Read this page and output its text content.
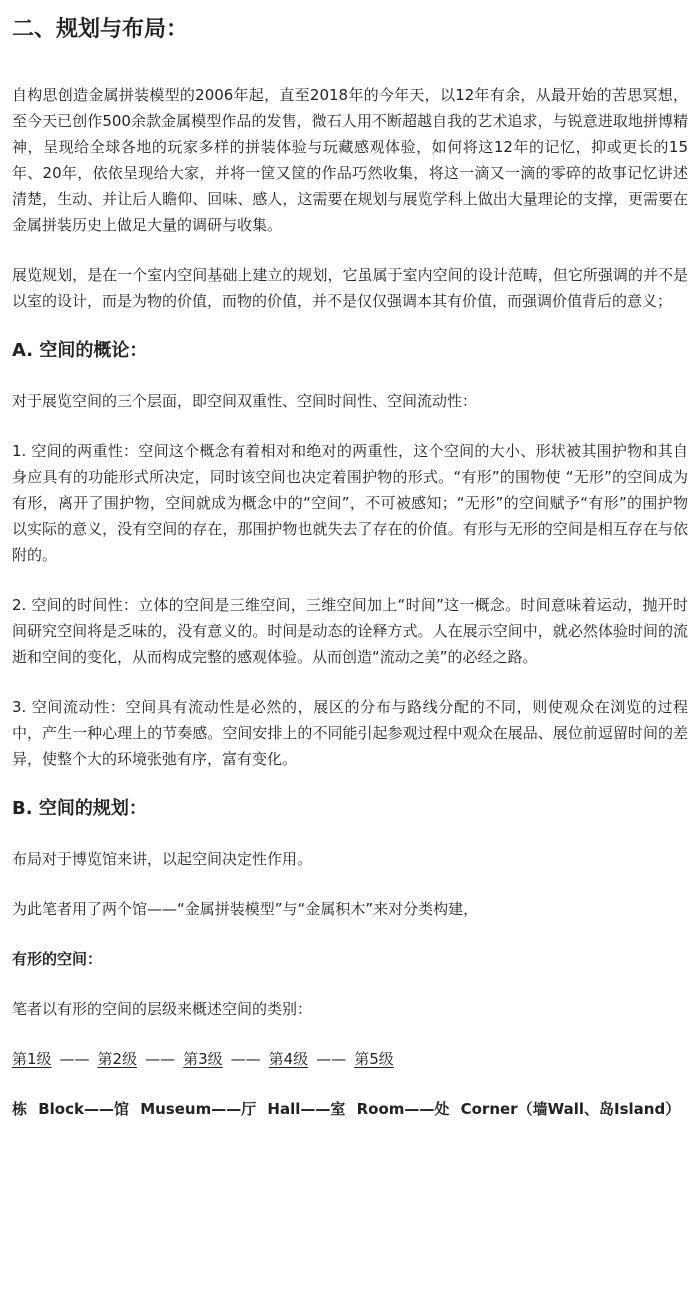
二、规划与布局：

自构思创造金属拼装模型的2006年起，直至2018年的今年天，以12年有余，从最开始的苦思冥想，至今天已创作500余款金属模型作品的发售，微石人用不断超越自我的艺术追求，与锐意进取地拼博精神，呈现给全球各地的玩家多样的拼装体验与玩藏感观体验，如何将这12年的记忆，抑或更长的15年、20年，依依呈现给大家，并将一筐又筐的作品巧然收集，将这一滴又一滴的零碎的故事记忆讲述清楚，生动、并让后人瞻仰、回味、感人，这需要在规划与展览学科上做出大量理论的支撑，更需要在金属拼装历史上做足大量的调研与收集。

展览规划，是在一个室内空间基础上建立的规划，它虽属于室内空间的设计范畴，但它所强调的并不是以室的设计，而是为物的价值，而物的价值，并不是仅仅强调本其有价值，而强调价值背后的意义；

A. 空间的概论：

对于展览空间的三个层面，即空间双重性、空间时间性、空间流动性：

1. 空间的两重性：空间这个概念有着相对和绝对的两重性，这个空间的大小、形状被其围护物和其自身应具有的功能形式所决定，同时该空间也决定着围护物的形式。“有形”的围物使 “无形”的空间成为有形，离开了围护物，空间就成为概念中的“空间”，不可被感知；“无形”的空间赋予“有形”的围护物以实际的意义，没有空间的存在，那围护物也就失去了存在的价值。有形与无形的空间是相互存在与依附的。

2. 空间的时间性：立体的空间是三维空间，三维空间加上“时间”这一概念。时间意味着运动，抛开时间研究空间将是乏味的，没有意义的。时间是动态的诠释方式。人在展示空间中，就必然体验时间的流逝和空间的变化，从而构成完整的感观体验。从而创造“流动之美”的必经之路。

3. 空间流动性：空间具有流动性是必然的，展区的分布与路线分配的不同，则使观众在浏览的过程中，产生一种心理上的节奏感。空间安排上的不同能引起参观过程中观众在展品、展位前逗留时间的差异，使整个大的环境张弛有序，富有变化。

B. 空间的规划：

布局对于博览馆来讲，以起空间决定性作用。

为此笔者用了两个馆——“金属拼装模型”与“金属积木”来对分类构建，

有形的空间：

笔者以有形的空间的层级来概述空间的类别：

第1级 —— 第2级 —— 第3级 —— 第4级 —— 第5级

栋 Block——馆 Museum——厅 Hall——室 Room——处 Corner（墙Wall、岛Island）
